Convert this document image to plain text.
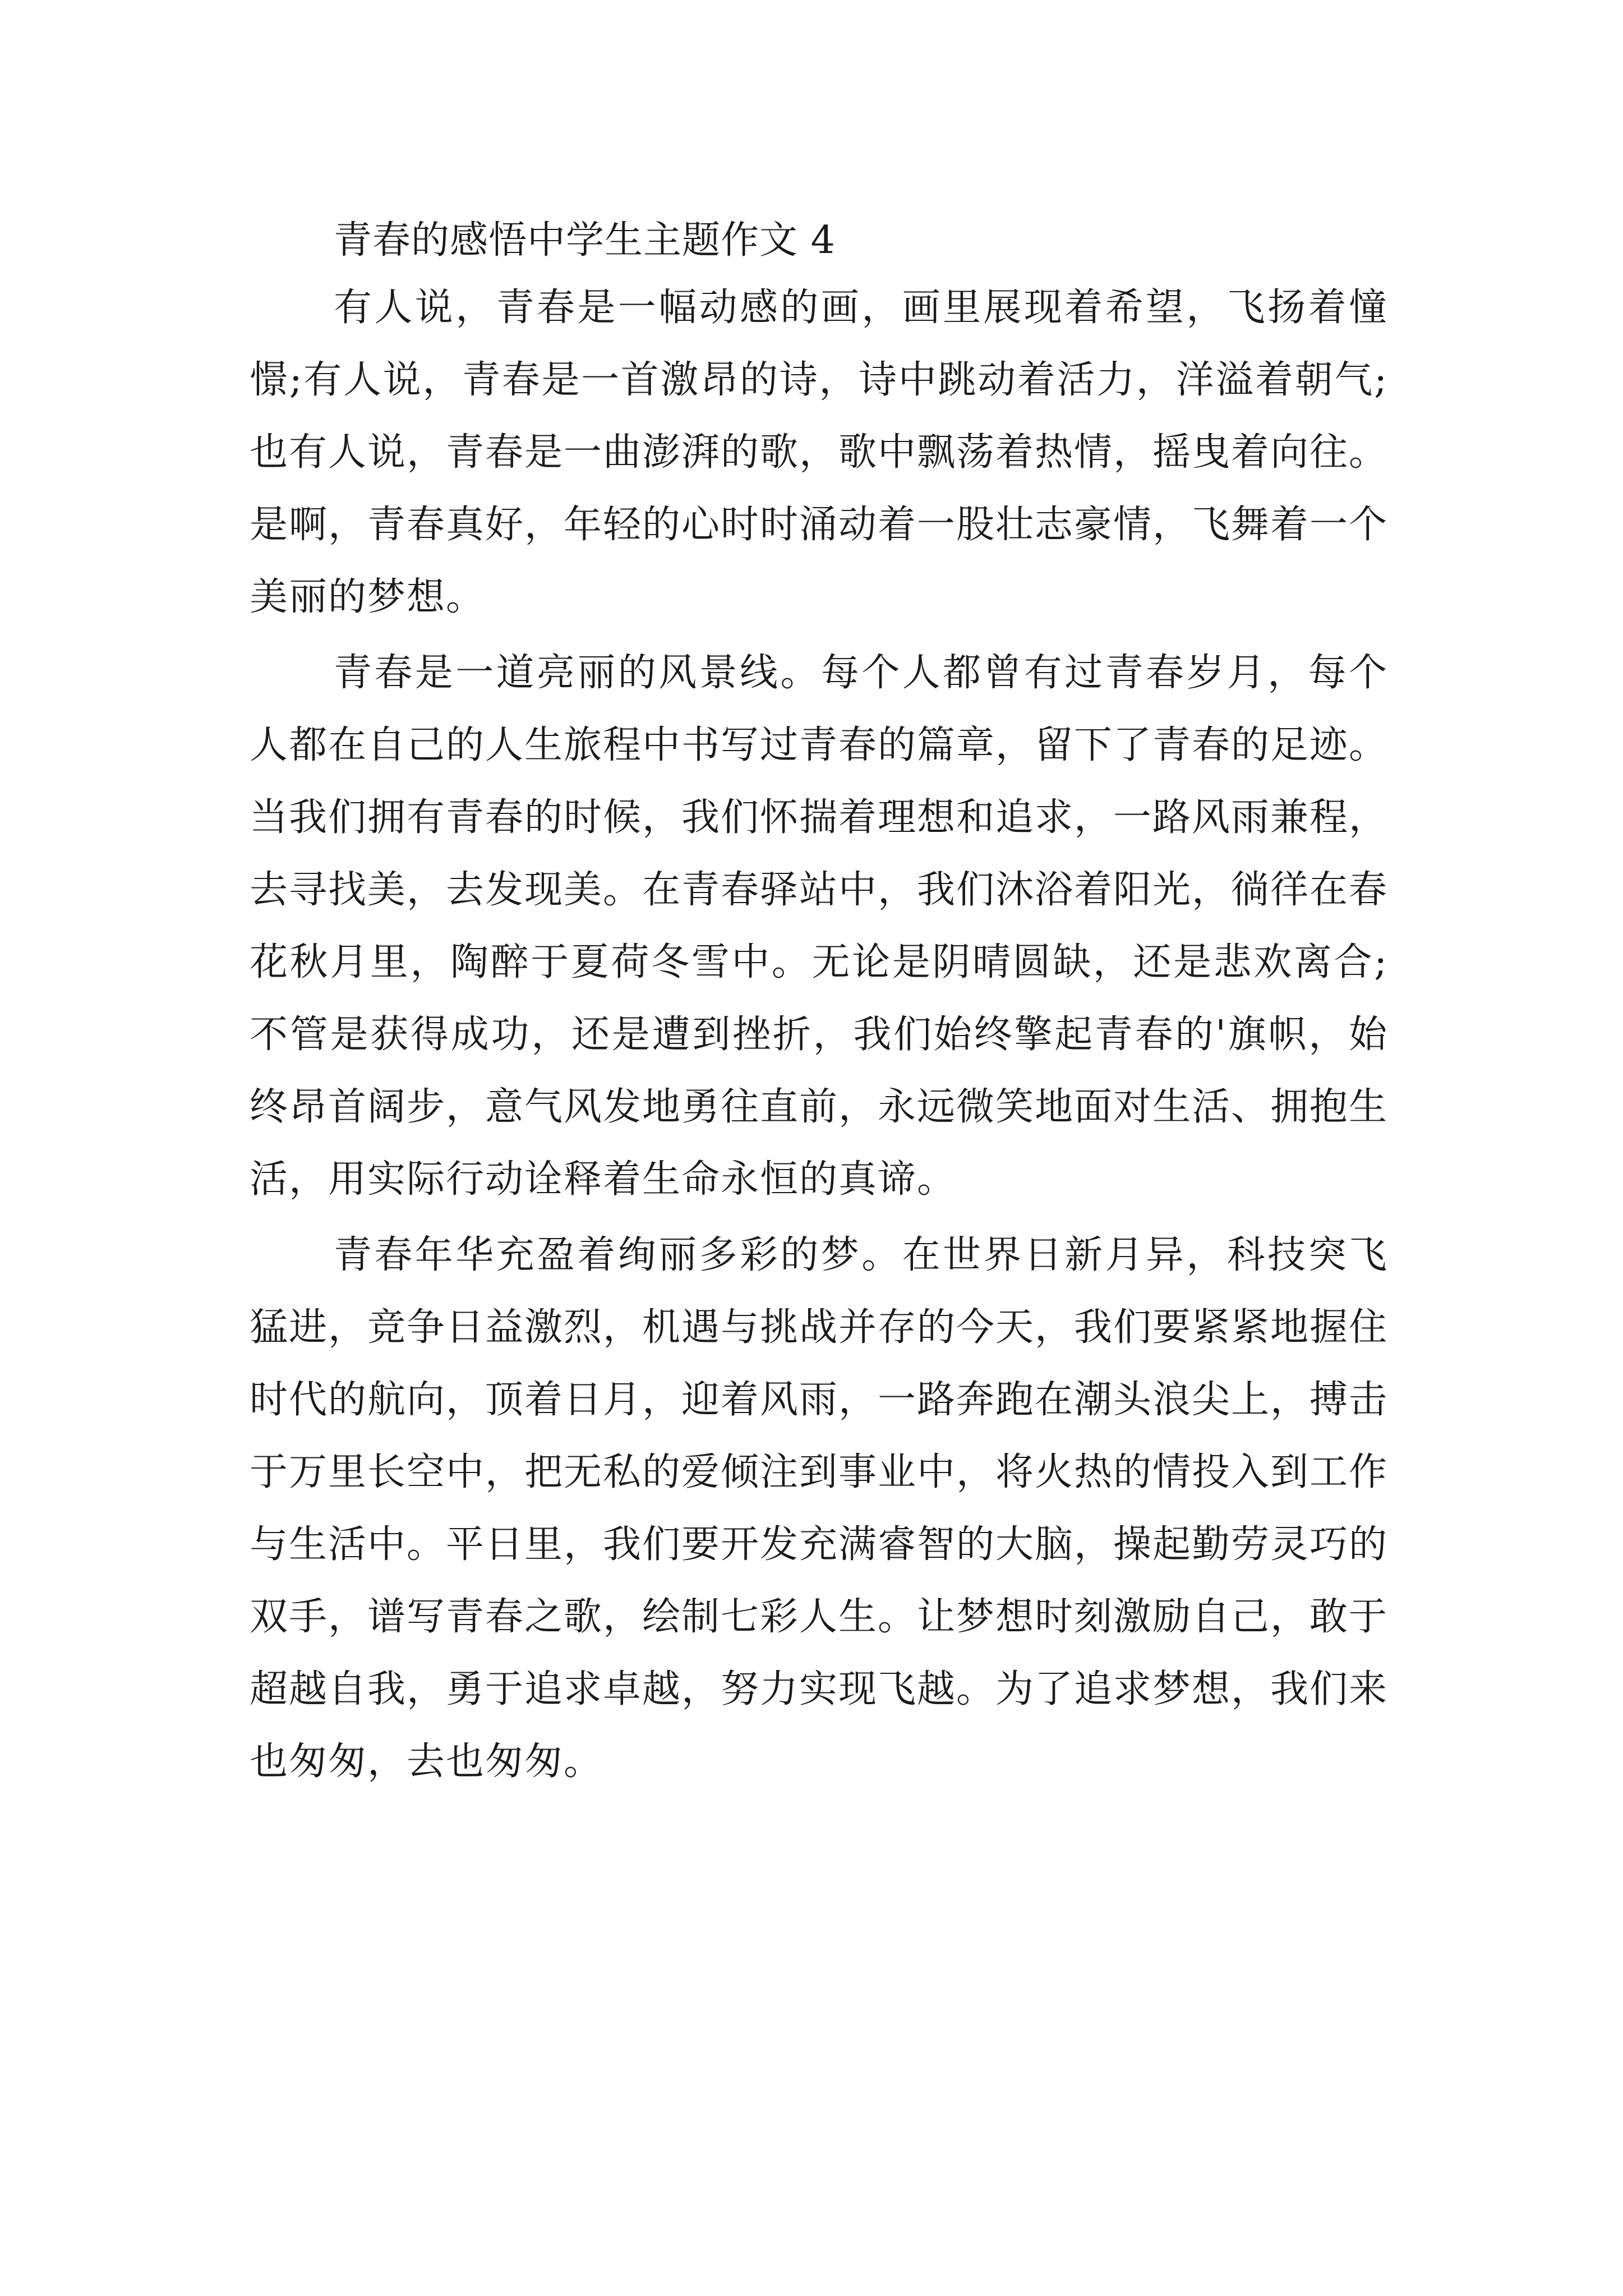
青春的感悟中学生主题作文 4

有人说，青春是一幅动感的画，画里展现着希望，飞扬着憧憬;有人说，青春是一首激昂的诗，诗中跳动着活力，洋溢着朝气;也有人说，青春是一曲澎湃的歌，歌中飘荡着热情，摇曳着向往。是啊，青春真好，年轻的心时时涌动着一股壮志豪情，飞舞着一个美丽的梦想。

青春是一道亮丽的风景线。每个人都曾有过青春岁月，每个人都在自己的人生旅程中书写过青春的篇章，留下了青春的足迹。当我们拥有青春的时候，我们怀揣着理想和追求，一路风雨兼程，去寻找美，去发现美。在青春驿站中，我们沐浴着阳光，徜徉在春花秋月里，陶醉于夏荷冬雪中。无论是阴晴圆缺，还是悲欢离合;不管是获得成功，还是遭到挫折，我们始终擎起青春的'旗帜，始终昂首阔步，意气风发地勇往直前，永远微笑地面对生活、拥抱生活，用实际行动诠释着生命永恒的真谛。

青春年华充盈着绚丽多彩的梦。在世界日新月异，科技突飞猛进，竞争日益激烈，机遇与挑战并存的今天，我们要紧紧地握住时代的航向，顶着日月，迎着风雨，一路奔跑在潮头浪尖上，搏击于万里长空中，把无私的爱倾注到事业中，将火热的情投入到工作与生活中。平日里，我们要开发充满睿智的大脑，操起勤劳灵巧的双手，谱写青春之歌，绘制七彩人生。让梦想时刻激励自己，敢于超越自我，勇于追求卓越，努力实现飞越。为了追求梦想，我们来也匆匆，去也匆匆。
